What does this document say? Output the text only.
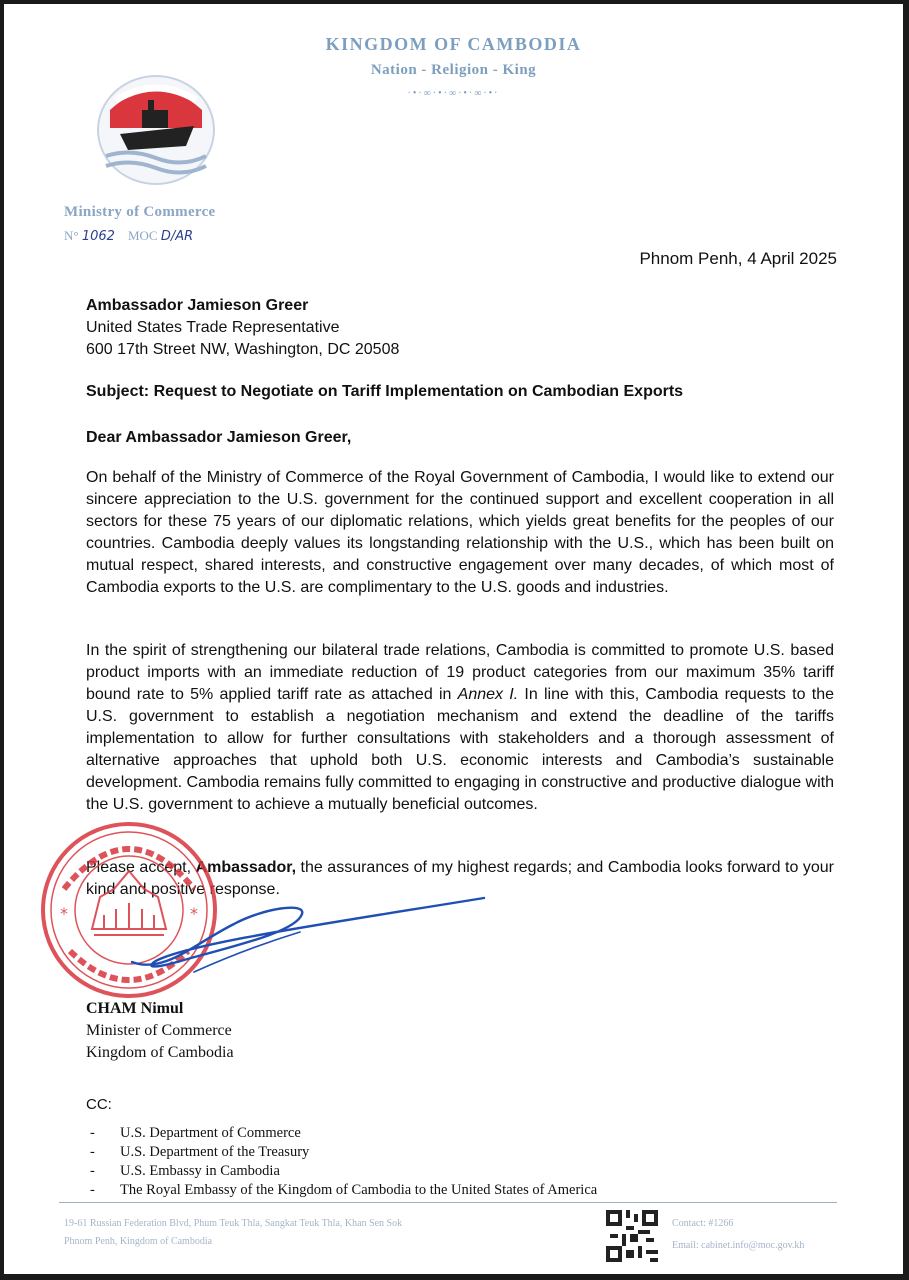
KINGDOM OF CAMBODIA
Nation - Religion - King
·•·∞·•·∞·•·∞·•·
Ministry of Commerce
N° 1062 MOC D/AR
Phnom Penh, 4 April 2025
Ambassador Jamieson Greer
United States Trade Representative
600 17th Street NW, Washington, DC 20508
Subject: Request to Negotiate on Tariff Implementation on Cambodian Exports
Dear Ambassador Jamieson Greer,

On behalf of the Ministry of Commerce of the Royal Government of Cambodia, I would like to extend our sincere appreciation to the U.S. government for the continued support and excellent cooperation in all sectors for these 75 years of our diplomatic relations, which yields great benefits for the peoples of our countries. Cambodia deeply values its longstanding relationship with the U.S., which has been built on mutual respect, shared interests, and constructive engagement over many decades, of which most of Cambodia exports to the U.S. are complimentary to the U.S. goods and industries.

In the spirit of strengthening our bilateral trade relations, Cambodia is committed to promote U.S. based product imports with an immediate reduction of 19 product categories from our maximum 35% tariff bound rate to 5% applied tariff rate as attached in Annex I. In line with this, Cambodia requests to the U.S. government to establish a negotiation mechanism and extend the deadline of the tariffs implementation to allow for further consultations with stakeholders and a thorough assessment of alternative approaches that uphold both U.S. economic interests and Cambodia’s sustainable development. Cambodia remains fully committed to engaging in constructive and productive dialogue with the U.S. government to achieve a mutually beneficial outcomes.

Please accept, Ambassador, the assurances of my highest regards; and Cambodia looks forward to your kind and positive response.

*	*
CHAM Nimul
Minister of Commerce
Kingdom of Cambodia
CC:
- U.S. Department of Commerce
- U.S. Department of the Treasury
- U.S. Embassy in Cambodia
- The Royal Embassy of the Kingdom of Cambodia to the United States of America
19-61 Russian Federation Blvd, Phum Teuk Thla, Sangkat Teuk Thla, Khan Sen Sok
Phnom Penh, Kingdom of Cambodia
Contact: #1266
Email: cabinet.info@moc.gov.kh
